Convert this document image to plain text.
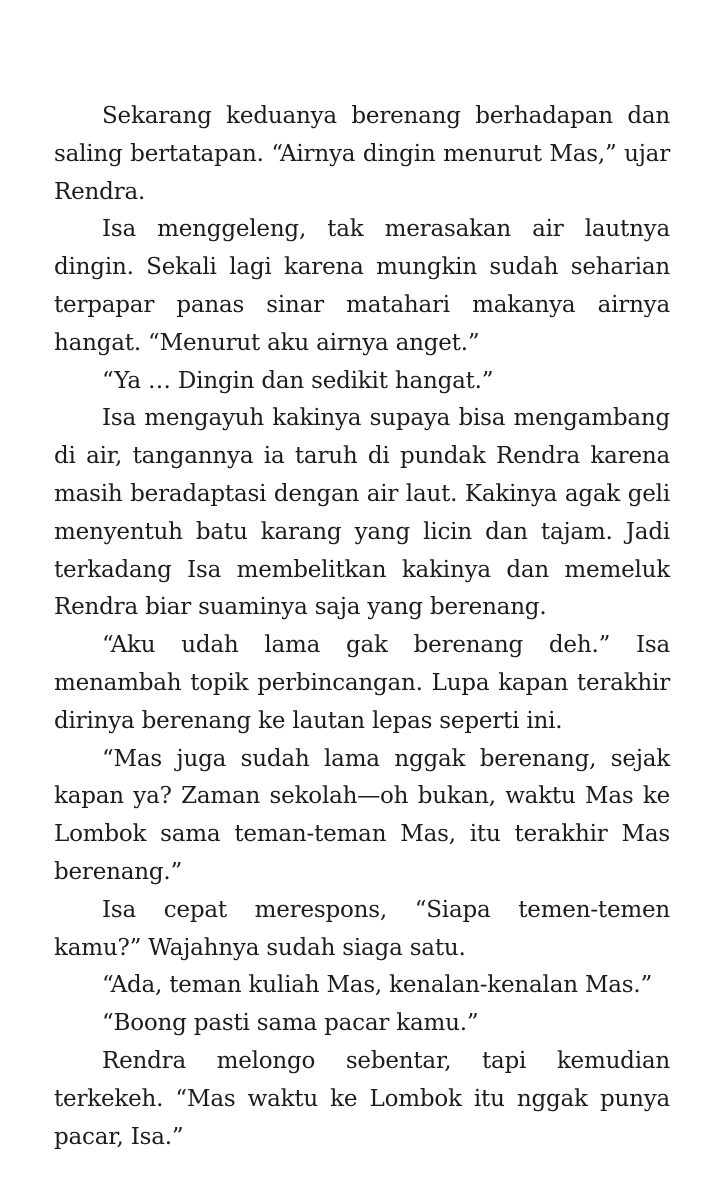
Sekarang keduanya berenang berhadapan dan saling bertatapan. “Airnya dingin menurut Mas,” ujar Rendra.

Isa menggeleng, tak merasakan air lautnya dingin. Sekali lagi karena mungkin sudah seharian terpapar panas sinar matahari makanya airnya hangat. “Menurut aku airnya anget.”

“Ya … Dingin dan sedikit hangat.”

Isa mengayuh kakinya supaya bisa mengambang di air, tangannya ia taruh di pundak Rendra karena masih beradaptasi dengan air laut. Kakinya agak geli menyentuh batu karang yang licin dan tajam. Jadi terkadang Isa membelitkan kakinya dan memeluk Rendra biar suaminya saja yang berenang.

“Aku udah lama gak berenang deh.” Isa menambah topik perbincangan. Lupa kapan terakhir dirinya berenang ke lautan lepas seperti ini.

“Mas juga sudah lama nggak berenang, sejak kapan ya? Zaman sekolah—oh bukan, waktu Mas ke Lombok sama teman-teman Mas, itu terakhir Mas berenang.”

Isa cepat merespons, “Siapa temen-temen kamu?” Wajahnya sudah siaga satu.

“Ada, teman kuliah Mas, kenalan-kenalan Mas.”

“Boong pasti sama pacar kamu.”

Rendra melongo sebentar, tapi kemudian terkekeh. “Mas waktu ke Lombok itu nggak punya pacar, Isa.”
